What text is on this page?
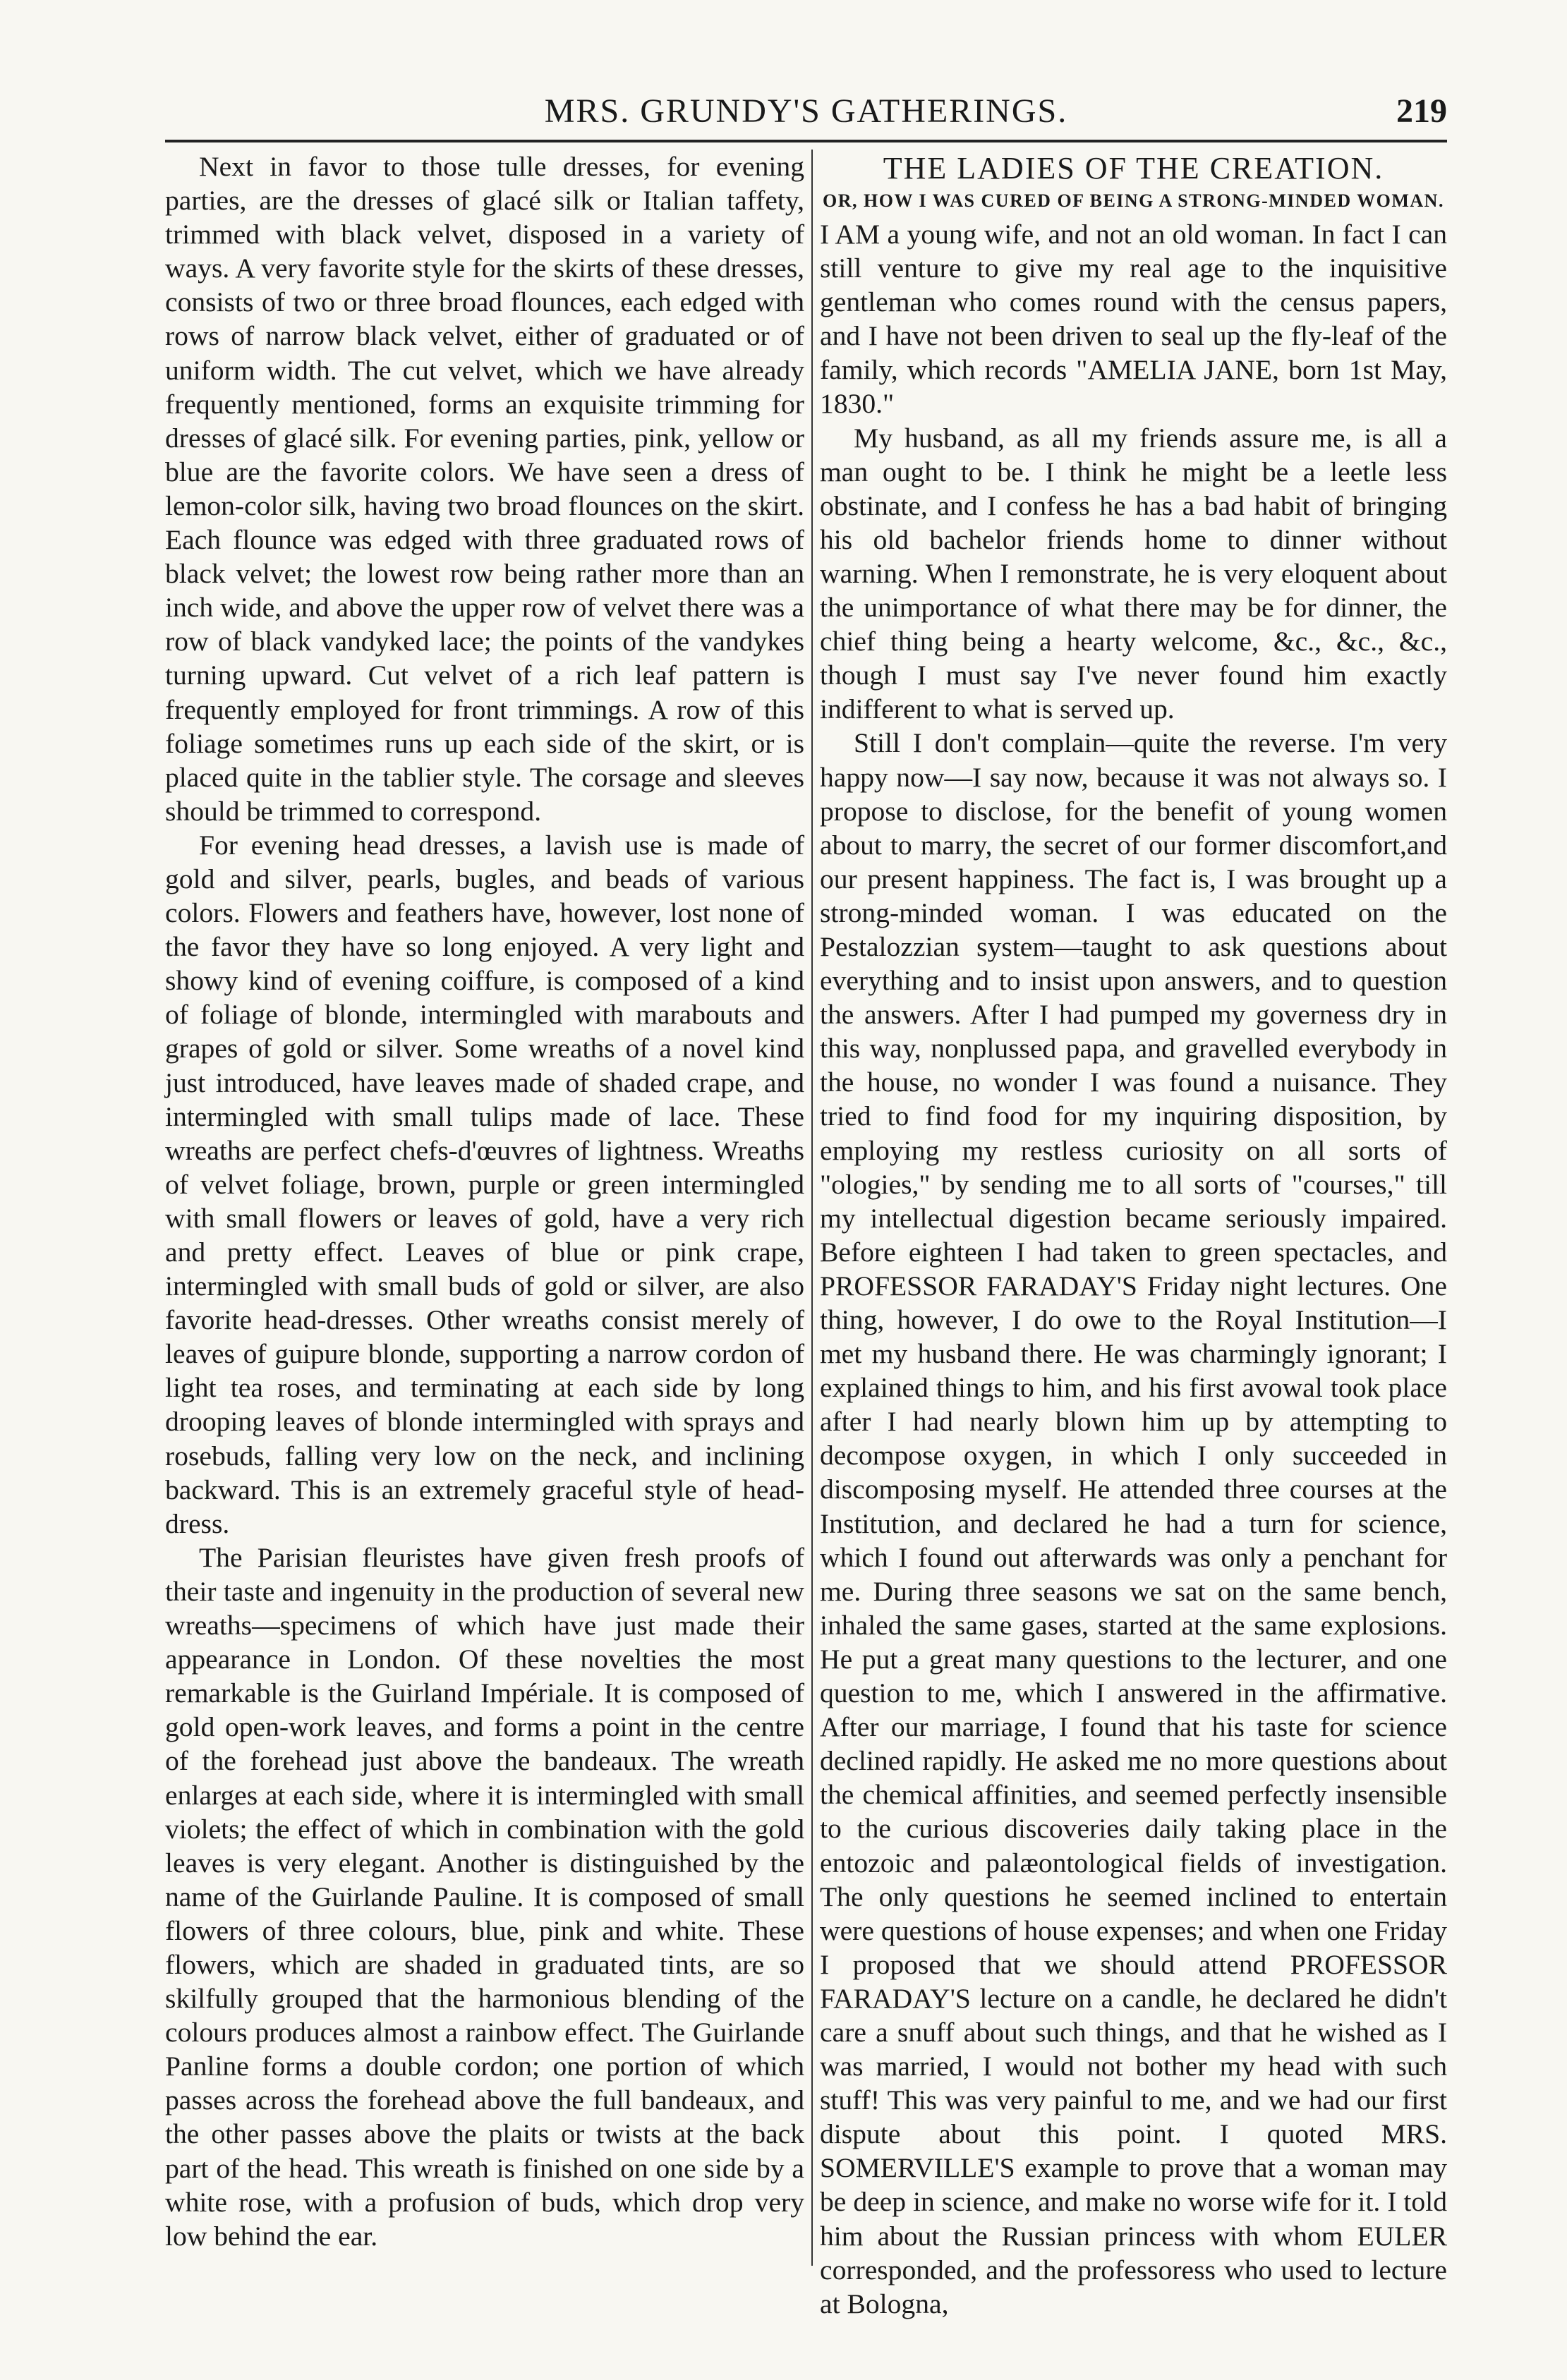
MRS. GRUNDY'S GATHERINGS.	219

Next in favor to those tulle dresses, for evening parties, are the dresses of glacé silk or Italian taffety, trimmed with black velvet, disposed in a variety of ways. A very favorite style for the skirts of these dresses, consists of two or three broad flounces, each edged with rows of narrow black velvet, either of graduated or of uniform width. The cut velvet, which we have already frequently mentioned, forms an exquisite trimming for dresses of glacé silk. For evening parties, pink, yellow or blue are the favorite colors. We have seen a dress of lemon-color silk, having two broad flounces on the skirt. Each flounce was edged with three graduated rows of black velvet; the lowest row being rather more than an inch wide, and above the upper row of velvet there was a row of black vandyked lace; the points of the vandykes turning upward. Cut velvet of a rich leaf pattern is frequently employed for front trimmings. A row of this foliage sometimes runs up each side of the skirt, or is placed quite in the tablier style. The corsage and sleeves should be trimmed to correspond.

For evening head dresses, a lavish use is made of gold and silver, pearls, bugles, and beads of various colors. Flowers and feathers have, however, lost none of the favor they have so long enjoyed. A very light and showy kind of evening coiffure, is composed of a kind of foliage of blonde, intermingled with marabouts and grapes of gold or silver. Some wreaths of a novel kind just introduced, have leaves made of shaded crape, and intermingled with small tulips made of lace. These wreaths are perfect chefs-d'œuvres of lightness. Wreaths of velvet foliage, brown, purple or green intermingled with small flowers or leaves of gold, have a very rich and pretty effect. Leaves of blue or pink crape, intermingled with small buds of gold or silver, are also favorite head-dresses. Other wreaths consist merely of leaves of guipure blonde, supporting a narrow cordon of light tea roses, and terminating at each side by long drooping leaves of blonde intermingled with sprays and rosebuds, falling very low on the neck, and inclining backward. This is an extremely graceful style of head-dress.

The Parisian fleuristes have given fresh proofs of their taste and ingenuity in the production of several new wreaths—specimens of which have just made their appearance in London. Of these novelties the most remarkable is the Guirland Impériale. It is composed of gold open-work leaves, and forms a point in the centre of the forehead just above the bandeaux. The wreath enlarges at each side, where it is intermingled with small violets; the effect of which in combination with the gold leaves is very elegant. Another is distinguished by the name of the Guirlande Pauline. It is composed of small flowers of three colours, blue, pink and white. These flowers, which are shaded in graduated tints, are so skilfully grouped that the harmonious blending of the colours produces almost a rainbow effect. The Guirlande Panline forms a double cordon; one portion of which passes across the forehead above the full bandeaux, and the other passes above the plaits or twists at the back part of the head. This wreath is finished on one side by a white rose, with a profusion of buds, which drop very low behind the ear.

THE LADIES OF THE CREATION.
OR, HOW I WAS CURED OF BEING A STRONG-MINDED WOMAN.

I AM a young wife, and not an old woman. In fact I can still venture to give my real age to the inquisitive gentleman who comes round with the census papers, and I have not been driven to seal up the fly-leaf of the family, which records "AMELIA JANE, born 1st May, 1830."

My husband, as all my friends assure me, is all a man ought to be. I think he might be a leetle less obstinate, and I confess he has a bad habit of bringing his old bachelor friends home to dinner without warning. When I remonstrate, he is very eloquent about the unimportance of what there may be for dinner, the chief thing being a hearty welcome, &c., &c., &c., though I must say I've never found him exactly indifferent to what is served up.

Still I don't complain—quite the reverse. I'm very happy now—I say now, because it was not always so. I propose to disclose, for the benefit of young women about to marry, the secret of our former discomfort,and our present happiness. The fact is, I was brought up a strong-minded woman. I was educated on the Pestalozzian system—taught to ask questions about everything and to insist upon answers, and to question the answers. After I had pumped my governess dry in this way, nonplussed papa, and gravelled everybody in the house, no wonder I was found a nuisance. They tried to find food for my inquiring disposition, by employing my restless curiosity on all sorts of "ologies," by sending me to all sorts of "courses," till my intellectual digestion became seriously impaired. Before eighteen I had taken to green spectacles, and PROFESSOR FARADAY'S Friday night lectures. One thing, however, I do owe to the Royal Institution—I met my husband there. He was charmingly ignorant; I explained things to him, and his first avowal took place after I had nearly blown him up by attempting to decompose oxygen, in which I only succeeded in discomposing myself. He attended three courses at the Institution, and declared he had a turn for science, which I found out afterwards was only a penchant for me. During three seasons we sat on the same bench, inhaled the same gases, started at the same explosions. He put a great many questions to the lecturer, and one question to me, which I answered in the affirmative. After our marriage, I found that his taste for science declined rapidly. He asked me no more questions about the chemical affinities, and seemed perfectly insensible to the curious discoveries daily taking place in the entozoic and palæontological fields of investigation. The only questions he seemed inclined to entertain were questions of house expenses; and when one Friday I proposed that we should attend PROFESSOR FARADAY'S lecture on a candle, he declared he didn't care a snuff about such things, and that he wished as I was married, I would not bother my head with such stuff! This was very painful to me, and we had our first dispute about this point. I quoted MRS. SOMERVILLE'S example to prove that a woman may be deep in science, and make no worse wife for it. I told him about the Russian princess with whom EULER corresponded, and the professoress who used to lecture at Bologna,
